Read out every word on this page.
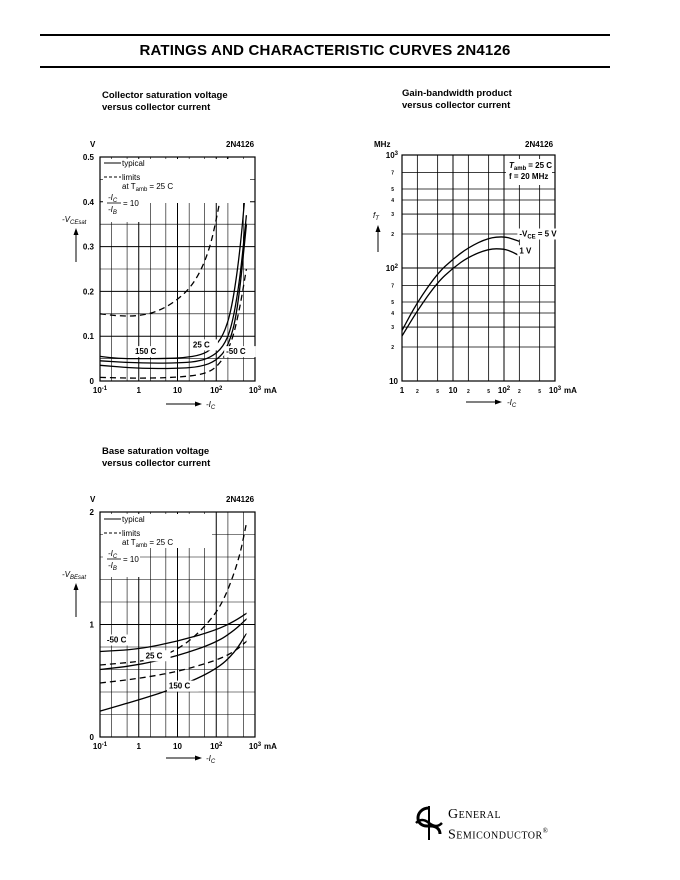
RATINGS AND CHARACTERISTIC CURVES 2N4126
Collector saturation voltage
versus collector current
Gain-bandwidth product
versus collector current
Base saturation voltage
versus collector current
typical
limits
at $T_{amb} = 25$ C
$-I_C$
$-I_B$
= 10
$10^{-1}$	1	10	$10^2$	$10^3$
0
0.1
0.2
0.3
0.4
0.5
150 C
25 C
-50 C
V	2N4126
$-V_{CEsat}$
$-I_C$
mA
$T_{amb} = 25$ C
f = 20 MHz
1	10	$10^2$	$10^3$
2	5	2	5	2	5
10
$10^2$
$10^3$
2
3
4
5
7
2
3
4
5
7
$-V_{CE} = 5$ V
1 V
MHz	2N4126
$f_T$
$-I_C$
mA
typical
limits
at $T_{amb} = 25$ C
$-I_C$
$-I_B$
= 10
$10^{-1}$	1	10	$10^2$	$10^3$
0
1
2
-50 C
25 C
150 C
V	2N4126
$-V_{BEsat}$
$-I_C$
mA
General
Semiconductor®
